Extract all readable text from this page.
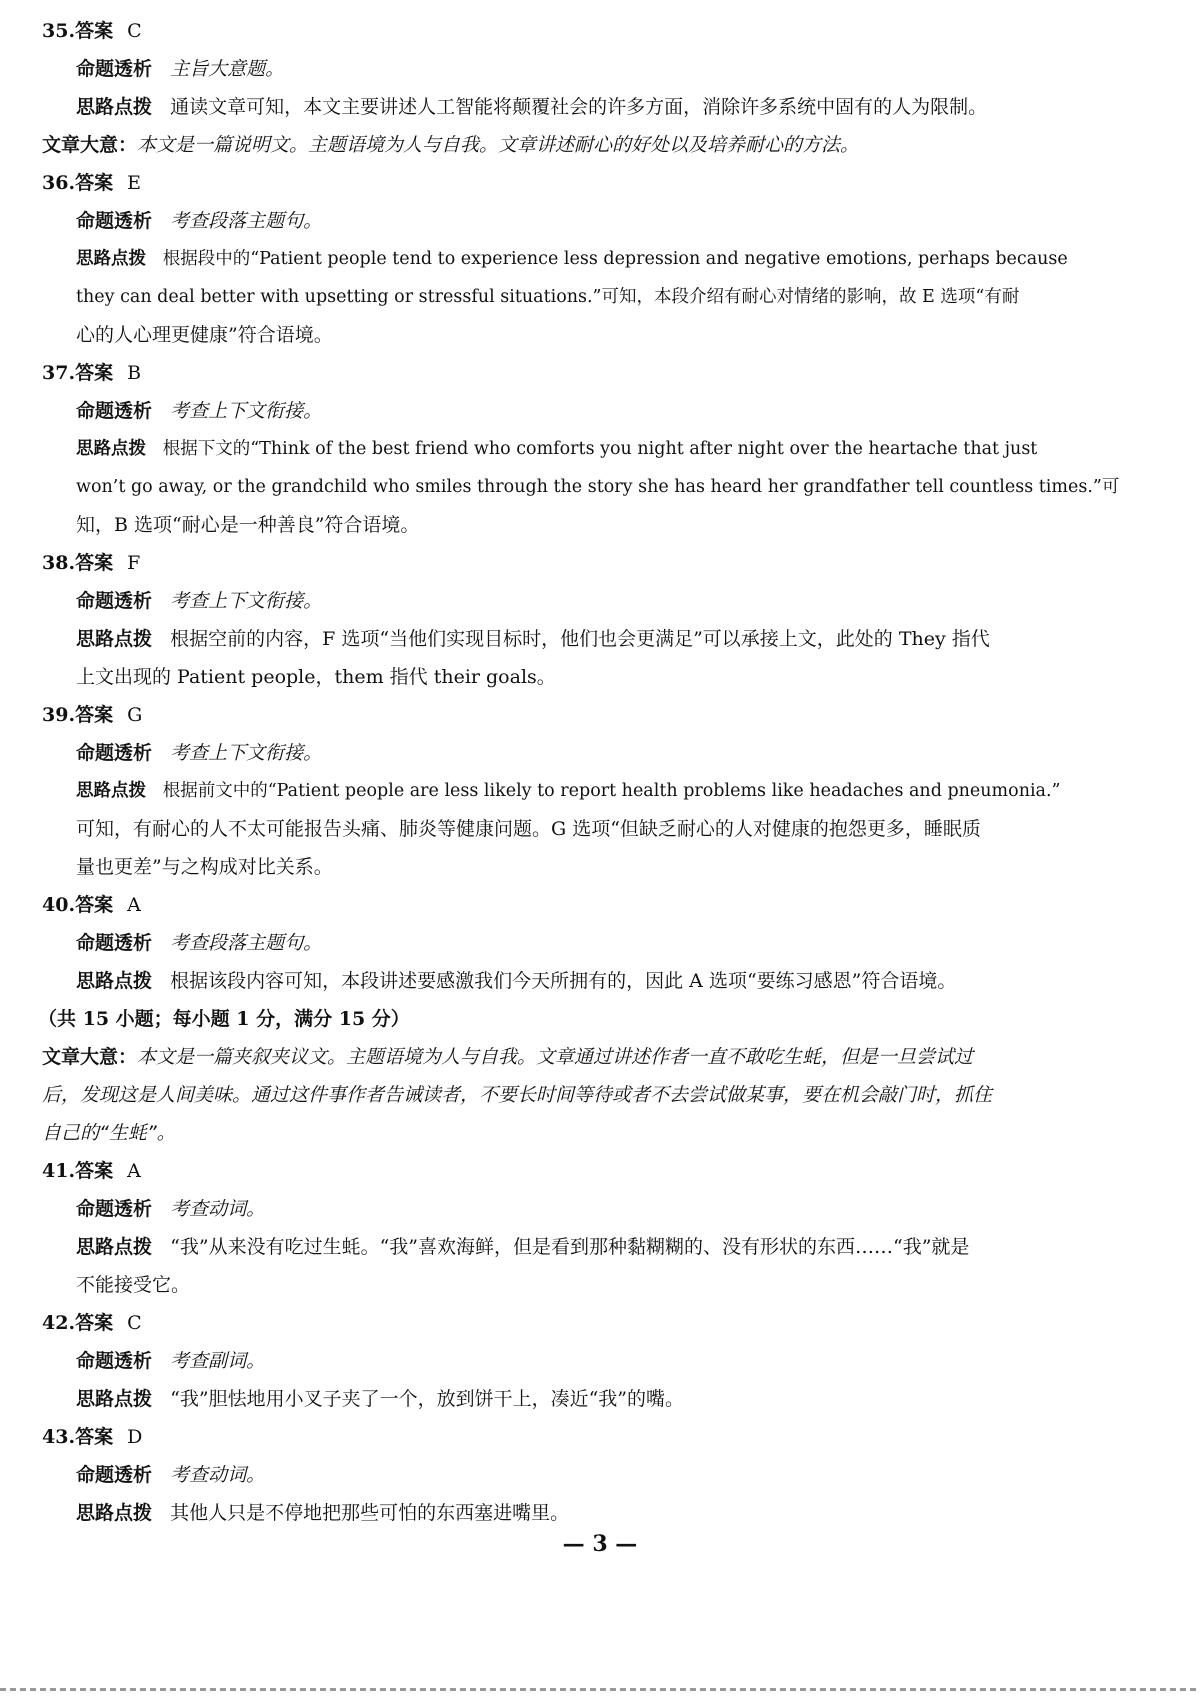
35.答案 C
命题透析 主旨大意题。
思路点拨 通读文章可知，本文主要讲述人工智能将颠覆社会的许多方面，消除许多系统中固有的人为限制。
文章大意：本文是一篇说明文。主题语境为人与自我。文章讲述耐心的好处以及培养耐心的方法。
36.答案 E
命题透析 考查段落主题句。
思路点拨 根据段中的“Patient people tend to experience less depression and negative emotions, perhaps because
they can deal better with upsetting or stressful situations.”可知，本段介绍有耐心对情绪的影响，故 E 选项“有耐
心的人心理更健康”符合语境。
37.答案 B
命题透析 考查上下文衔接。
思路点拨 根据下文的“Think of the best friend who comforts you night after night over the heartache that just
won’t go away, or the grandchild who smiles through the story she has heard her grandfather tell countless times.”可
知，B 选项“耐心是一种善良”符合语境。
38.答案 F
命题透析 考查上下文衔接。
思路点拨 根据空前的内容，F 选项“当他们实现目标时，他们也会更满足”可以承接上文，此处的 They 指代
上文出现的 Patient people，them 指代 their goals。
39.答案 G
命题透析 考查上下文衔接。
思路点拨 根据前文中的“Patient people are less likely to report health problems like headaches and pneumonia.”
可知，有耐心的人不太可能报告头痛、肺炎等健康问题。G 选项“但缺乏耐心的人对健康的抱怨更多，睡眠质
量也更差”与之构成对比关系。
40.答案 A
命题透析 考查段落主题句。
思路点拨 根据该段内容可知，本段讲述要感激我们今天所拥有的，因此 A 选项“要练习感恩”符合语境。
（共 15 小题；每小题 1 分，满分 15 分）
文章大意：本文是一篇夹叙夹议文。主题语境为人与自我。文章通过讲述作者一直不敢吃生蚝，但是一旦尝试过
后，发现这是人间美味。通过这件事作者告诫读者，不要长时间等待或者不去尝试做某事，要在机会敲门时，抓住
自己的“生蚝”。
41.答案 A
命题透析 考查动词。
思路点拨 “我”从来没有吃过生蚝。“我”喜欢海鲜，但是看到那种黏糊糊的、没有形状的东西……“我”就是
不能接受它。
42.答案 C
命题透析 考查副词。
思路点拨 “我”胆怯地用小叉子夹了一个，放到饼干上，凑近“我”的嘴。
43.答案 D
命题透析 考查动词。
思路点拨 其他人只是不停地把那些可怕的东西塞进嘴里。
— 3 —
